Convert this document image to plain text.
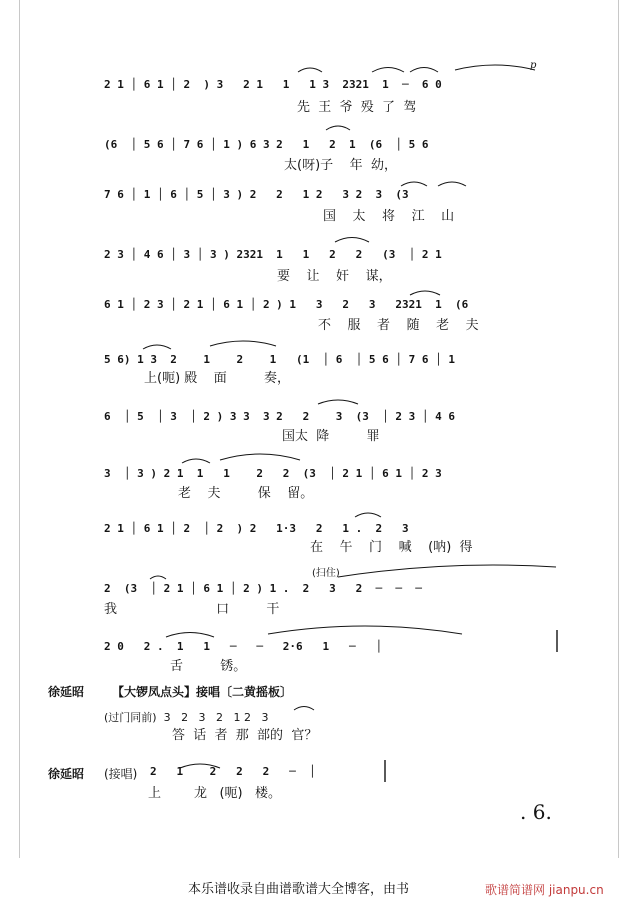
p
2 1 │ 6 1 │ 2  ) 3   2 1   1   1 3  2321  1  ─  6 0
先  王  爷  殁  了  驾
(6  │ 5 6 │ 7 6 │ 1 ) 6 3 2   1   2  1  (6  │ 5 6
太(呀)子    年  幼，
7 6 │ 1 │ 6 │ 5 │ 3 ) 2   2   1 2   3 2  3  (3
国    太    将    江    山
2 3 │ 4 6 │ 3 │ 3 ) 2321  1   1   2   2   (3  │ 2 1
要    让    奸    谋，
6 1 │ 2 3 │ 2 1 │ 6 1 │ 2 ) 1   3   2   3   2321  1  (6
不    服    者    随    老    夫
5 6) 1 3  2    1    2    1   (1  │ 6  │ 5 6 │ 7 6 │ 1
上(呃) 殿    面         奏，
6  │ 5  │ 3  │ 2 ) 3 3  3 2   2    3  (3  │ 2 3 │ 4 6
国太  降         罪
3  │ 3 ) 2 1  1   1    2   2  (3  │ 2 1 │ 6 1 │ 2 3
老    夫         保    留。
2 1 │ 6 1 │ 2  │ 2  ) 2   1·3   2   1 .  2   3
在    午    门    喊    (呐)  得
(扫住)
2  (3  │ 2 1 │ 6 1 │ 2 ) 1 .  2   3   2  ─  ─  ─
我                        口         干
2 0   2 .  1   1   ─   ─   2·6   1   ─   │
舌         锈。
徐延昭 【大锣凤点头】接唱〔二黄摇板〕
(过门同前)  3   2   3   2   1 2   3
答  话  者  那  部的  官？
徐延昭 (接唱) 2   1    2   2   2   ─  │
上        龙   (呃)   楼。
. 6.
本乐谱收录自曲谱歌谱大全博客，由书	歌谱简谱网 jianpu.cn
